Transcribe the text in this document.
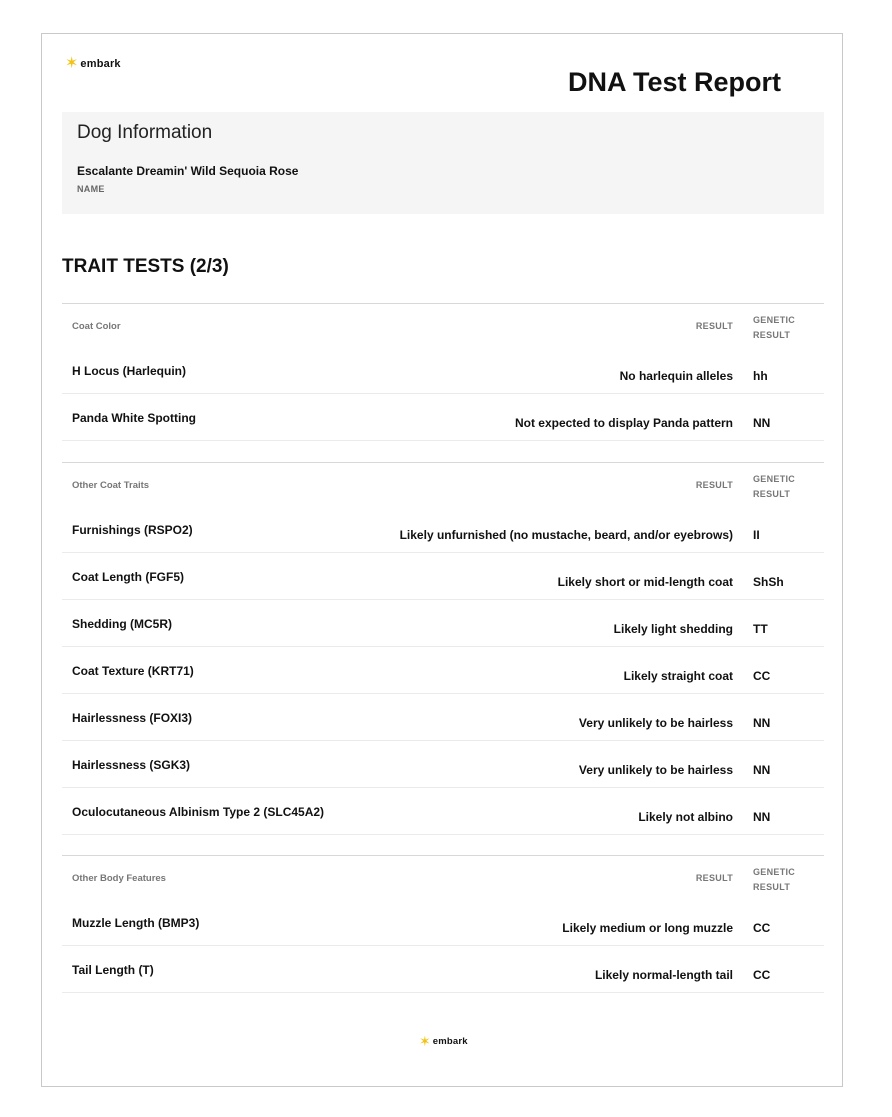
✶ embark
DNA Test Report
Dog Information

Escalante Dreamin' Wild Sequoia Rose

NAME
TRAIT TESTS (2/3)
Coat Color	RESULT
GENETIC RESULT
H Locus (Harlequin)	No harlequin alleles hh
Panda White Spotting	Not expected to display Panda pattern NN
Other Coat Traits	RESULT
GENETIC RESULT
Furnishings (RSPO2)	Likely unfurnished (no mustache, beard, and/or eyebrows) II
Coat Length (FGF5)	Likely short or mid-length coat ShSh
Shedding (MC5R)	Likely light shedding TT
Coat Texture (KRT71)	Likely straight coat CC
Hairlessness (FOXI3)	Very unlikely to be hairless NN
Hairlessness (SGK3)	Very unlikely to be hairless NN
Oculocutaneous Albinism Type 2 (SLC45A2)	Likely not albino NN
Other Body Features	RESULT
GENETIC RESULT
Muzzle Length (BMP3)	Likely medium or long muzzle CC
Tail Length (T)	Likely normal-length tail CC
✶ embark
